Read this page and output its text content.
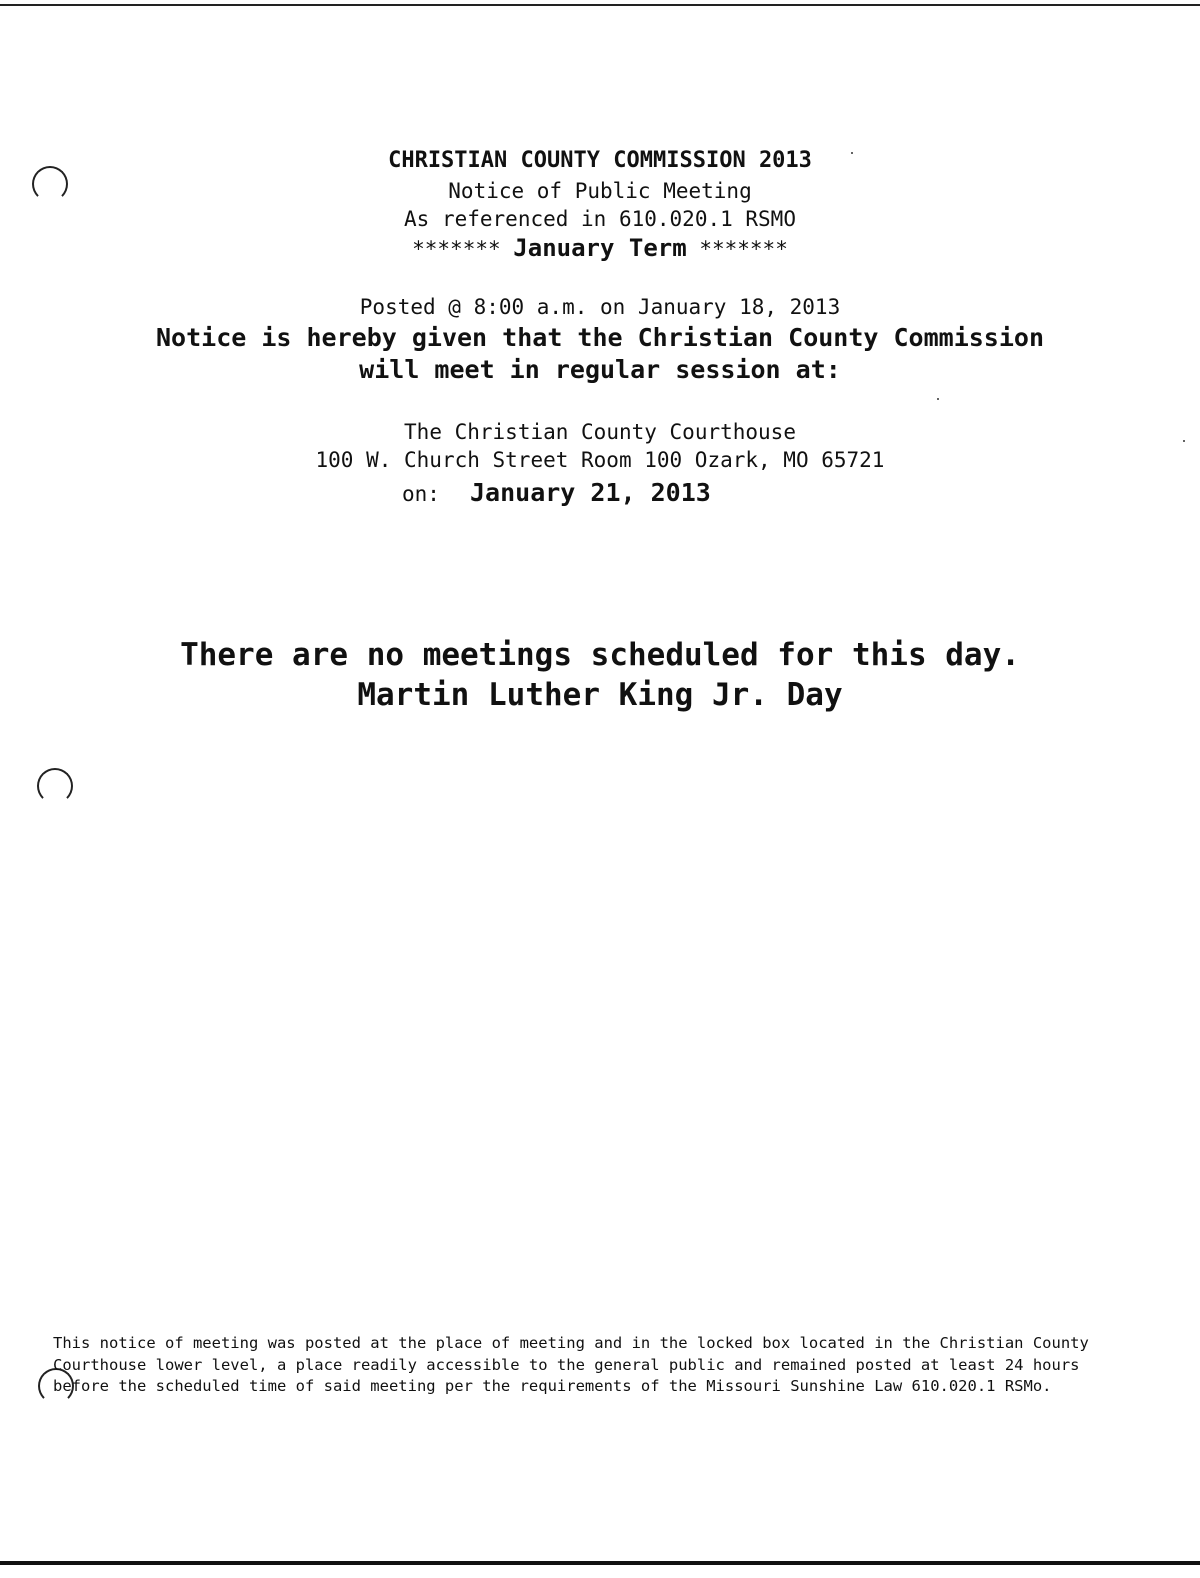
CHRISTIAN COUNTY COMMISSION 2013
Notice of Public Meeting
As referenced in 610.020.1 RSMO
******* January Term *******
Posted @ 8:00 a.m. on January 18, 2013
Notice is hereby given that the Christian County Commission
will meet in regular session at:
The Christian County Courthouse
100 W. Church Street Room 100 Ozark, MO 65721
on: January 21, 2013
There are no meetings scheduled for this day.
Martin Luther King Jr. Day
This notice of meeting was posted at the place of meeting and in the locked box located in the Christian County
Courthouse lower level, a place readily accessible to the general public and remained posted at least 24 hours
before the scheduled time of said meeting per the requirements of the Missouri Sunshine Law 610.020.1 RSMo.
